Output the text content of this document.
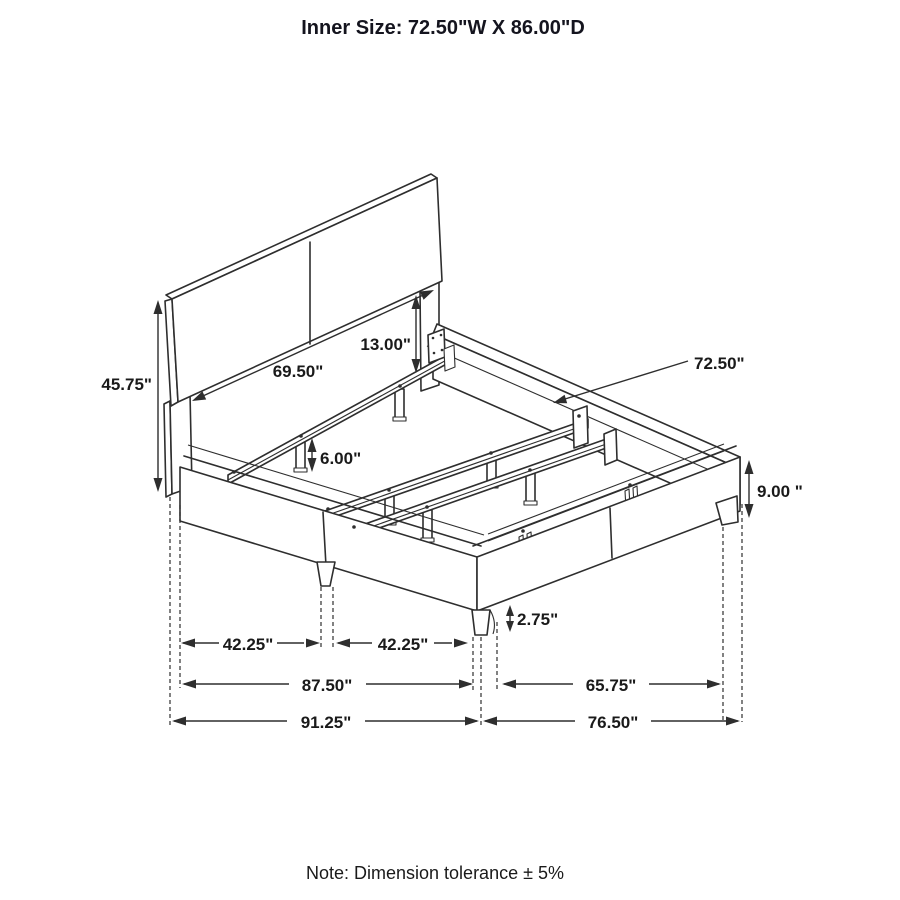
Inner Size: 72.50"W X 86.00"D
45.75"
69.50"
13.00"
6.00"
72.50"
9.00 "
2.75"
42.25"	42.25"
87.50"	65.75"
91.25"	76.50"
Note: Dimension tolerance ± 5%
